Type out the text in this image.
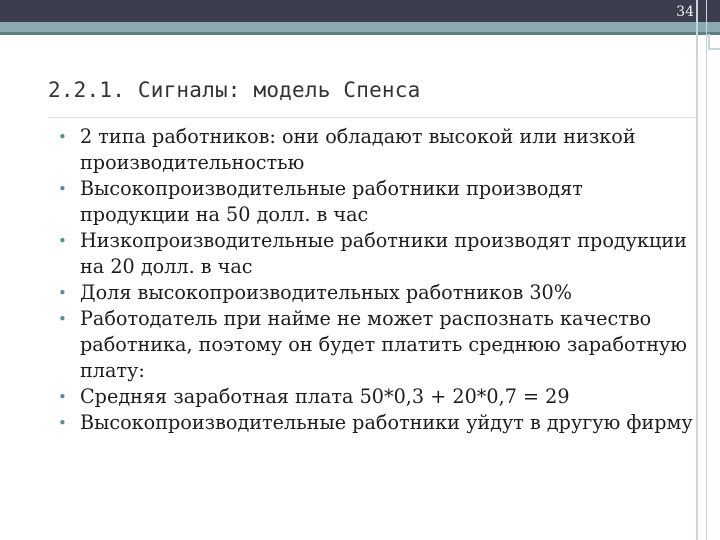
34
2.2.1. Сигналы: модель Спенса
• 2 типа работников: они обладают высокой или низкой производительностью
• Высокопроизводительные работники производят продукции на 50 долл. в час
• Низкопроизводительные работники производят продукции на 20 долл. в час
• Доля высокопроизводительных работников 30%
• Работодатель при найме не может распознать качество работника, поэтому он будет платить среднюю заработную плату:
• Средняя заработная плата 50*0,3 + 20*0,7 = 29
• Высокопроизводительные работники уйдут в другую фирму
